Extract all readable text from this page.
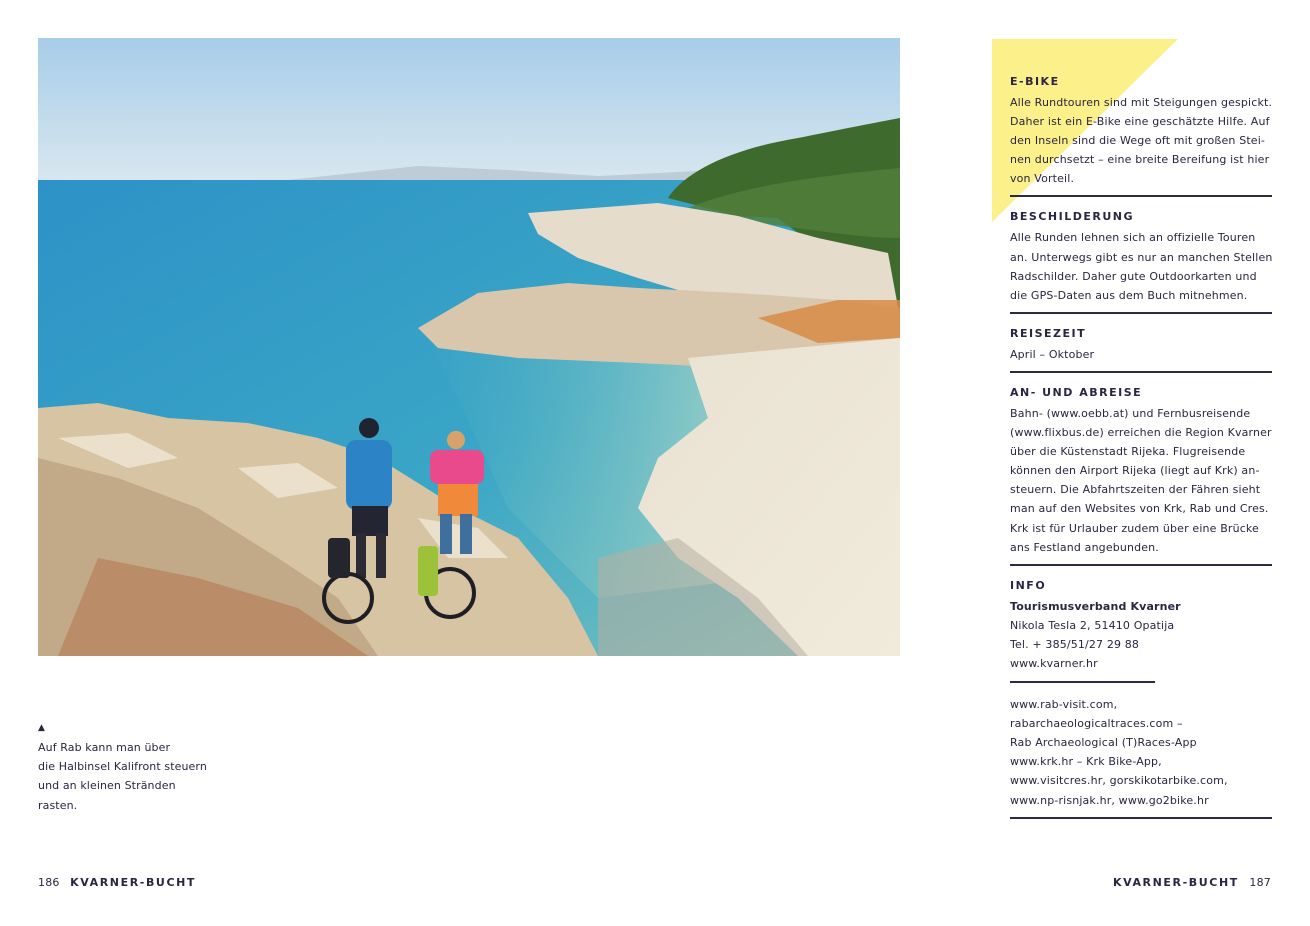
▲
Auf Rab kann man über
die Halbinsel Kalifront steuern
und an kleinen Stränden
rasten.
186 KVARNER-BUCHT	KVARNER-BUCHT 187
E-BIKE
Alle Rundtouren sind mit Steigungen gespickt.
Daher ist ein E-Bike eine geschätzte Hilfe. Auf
den Inseln sind die Wege oft mit großen Stei-
nen durchsetzt – eine breite Bereifung ist hier
von Vorteil.
BESCHILDERUNG
Alle Runden lehnen sich an offizielle Touren
an. Unterwegs gibt es nur an manchen Stellen
Radschilder. Daher gute Outdoorkarten und
die GPS-Daten aus dem Buch mitnehmen.
REISEZEIT
April – Oktober
AN- UND ABREISE
Bahn- (www.oebb.at) und Fernbusreisende
(www.flixbus.de) erreichen die Region Kvarner
über die Küstenstadt Rijeka. Flugreisende
können den Airport Rijeka (liegt auf Krk) an-
steuern. Die Abfahrtszeiten der Fähren sieht
man auf den Websites von Krk, Rab und Cres.
Krk ist für Urlauber zudem über eine Brücke
ans Festland angebunden.
INFO
Tourismusverband Kvarner
Nikola Tesla 2, 51410 Opatija
Tel. + 385/51/27 29 88
www.kvarner.hr
www.rab-visit.com,
rabarchaeologicaltraces.com –
Rab Archaeological (T)Races-App
www.krk.hr – Krk Bike-App,
www.visitcres.hr, gorskikotarbike.com,
www.np-risnjak.hr, www.go2bike.hr
